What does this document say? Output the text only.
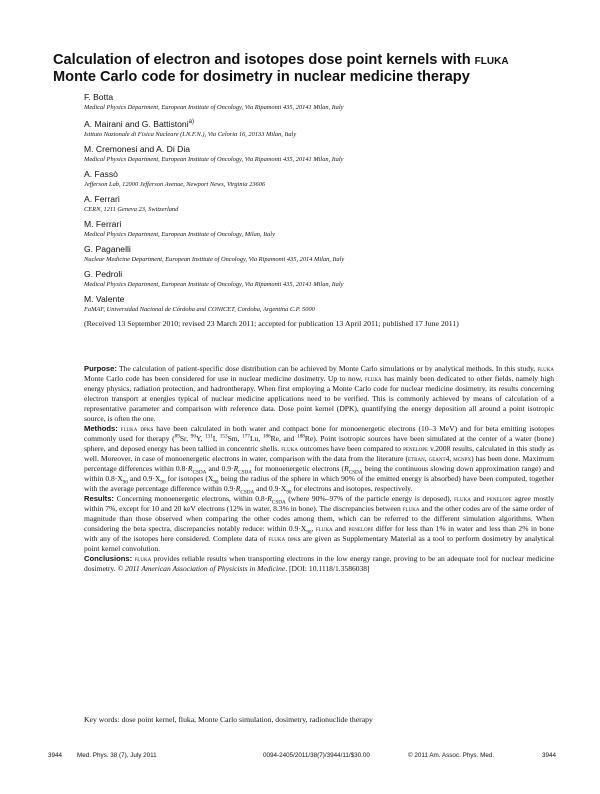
Calculation of electron and isotopes dose point kernels with fluka Monte Carlo code for dosimetry in nuclear medicine therapy
F. Botta
Medical Physics Department, European Institute of Oncology, Via Ripamonti 435, 20141 Milan, Italy
A. Mairani and G. Battistoni$^{a)}$
Istituto Nazionale di Fisica Nucleare (I.N.F.N.), Via Celoria 16, 20133 Milan, Italy
M. Cremonesi and A. Di Dia
Medical Physics Department, European Institute of Oncology, Via Ripamonti 435, 20141 Milan, Italy
A. Fassò
Jefferson Lab, 12000 Jefferson Avenue, Newport News, Virginia 23606
A. Ferrari
CERN, 1211 Geneva 23, Switzerland
M. Ferrari
Medical Physics Department, European Institute of Oncology, Milan, Italy
G. Paganelli
Nuclear Medicine Department, European Institute of Oncology, Via Ripamonti 435, 2014 Milan, Italy
G. Pedroli
Medical Physics Department, European Institute of Oncology, Via Ripamonti 435, 20141 Milan, Italy
M. Valente
FaMAF, Universidad Nacional de Córdoba and CONICET, Cordoba, Argentina C.P. 5000
(Received 13 September 2010; revised 23 March 2011; accepted for publication 13 April 2011; published 17 June 2011)

Purpose: The calculation of patient-specific dose distribution can be achieved by Monte Carlo simulations or by analytical methods. In this study, fluka Monte Carlo code has been considered for use in nuclear medicine dosimetry. Up to now, fluka has mainly been dedicated to other fields, namely high energy physics, radiation protection, and hadrontherapy. When first employing a Monte Carlo code for nuclear medicine dosimetry, its results concerning electron transport at energies typical of nuclear medicine applications need to be verified. This is commonly achieved by means of calculation of a representative parameter and comparison with reference data. Dose point kernel (DPK), quantifying the energy deposition all around a point isotropic source, is often the one.

Methods: fluka dpks have been calculated in both water and compact bone for monoenergetic electrons (10–3 MeV) and for beta emitting isotopes commonly used for therapy ($^{89}$Sr, $^{90}$Y, $^{131}$I, $^{153}$Sm, $^{177}$Lu, $^{186}$Re, and $^{188}$Re). Point isotropic sources have been simulated at the center of a water (bone) sphere, and deposed energy has been tallied in concentric shells. fluka outcomes have been compared to penelope v.2008 results, calculated in this study as well. Moreover, in case of monoenergetic electrons in water, comparison with the data from the literature (etran, geant4, mcnpx) has been done. Maximum percentage differences within $0.8\cdot R_{CSDA}$ and $0.9\cdot R_{CSDA}$ for monoenergetic electrons ($R_{CSDA}$ being the continuous slowing down approximation range) and within $0.8\cdot X_{90}$ and $0.9\cdot X_{90}$ for isotopes ($X_{90}$ being the radius of the sphere in which 90% of the emitted energy is absorbed) have been computed, together with the average percentage difference within $0.9\cdot R_{CSDA}$ and $0.9\cdot X_{90}$ for electrons and isotopes, respectively.

Results: Concerning monoenergetic electrons, within $0.8\cdot R_{CSDA}$ (where 90%–97% of the particle energy is deposed), fluka and penelope agree mostly within 7%, except for 10 and 20 keV electrons (12% in water, 8.3% in bone). The discrepancies between fluka and the other codes are of the same order of magnitude than those observed when comparing the other codes among them, which can be referred to the different simulation algorithms. When considering the beta spectra, discrepancies notably reduce: within $0.9\cdot X_{90}$, fluka and penelope differ for less than 1% in water and less than 2% in bone with any of the isotopes here considered. Complete data of fluka dpks are given as Supplementary Material as a tool to perform dosimetry by analytical point kernel convolution.

Conclusions: fluka provides reliable results when transporting electrons in the low energy range, proving to be an adequate tool for nuclear medicine dosimetry. © 2011 American Association of Physicists in Medicine. [DOI: 10.1118/1.3586038]

Key words: dose point kernel, fluka, Monte Carlo simulation, dosimetry, radionuclide therapy
3944 Med. Phys. 38 (7), July 2011	0094-2405/2011/38(7)/3944/11/$30.00	© 2011 Am. Assoc. Phys. Med.	3944
